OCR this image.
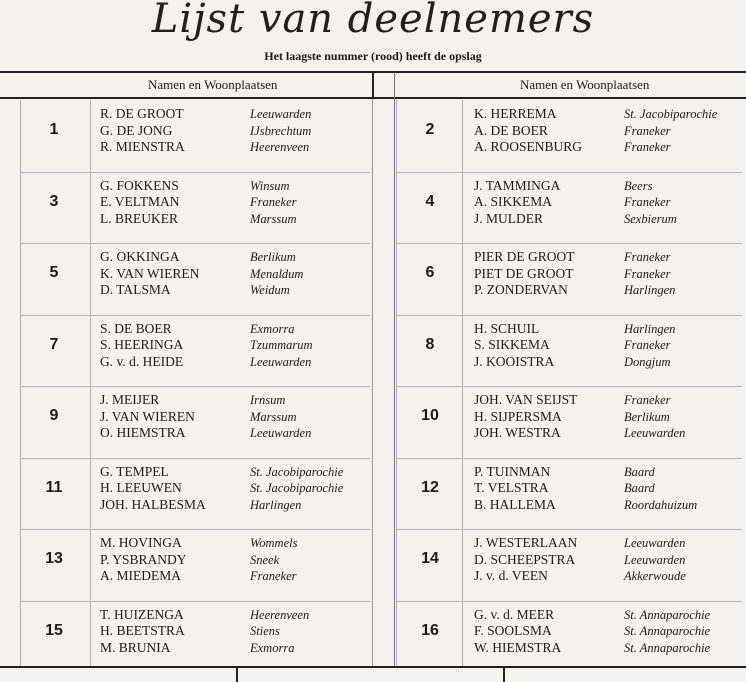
Lijst van deelnemers
Het laagste nummer (rood) heeft de opslag
Namen en Woonplaatsen	Namen en Woonplaatsen
1
R. DE GROOT	Leeuwarden
G. DE JONG	IJsbrechtum
R. MIENSTRA	Heerenveen
2
K. HERREMA	St. Jacobiparochie
A. DE BOER	Franeker
A. ROOSENBURG	Franeker
3
G. FOKKENS	Winsum
E. VELTMAN	Franeker
L. BREUKER	Marssum
4
J. TAMMINGA	Beers
A. SIKKEMA	Franeker
J. MULDER	Sexbierum
5
G. OKKINGA	Berlikum
K. VAN WIEREN	Menaldum
D. TALSMA	Weidum
6
PIER DE GROOT	Franeker
PIET DE GROOT	Franeker
P. ZONDERVAN	Harlingen
7
S. DE BOER	Exmorra
S. HEERINGA	Tzummarum
G. v. d. HEIDE	Leeuwarden
8
H. SCHUIL	Harlingen
S. SIKKEMA	Franeker
J. KOOISTRA	Dongjum
9
J. MEIJER	Irnsum
J. VAN WIEREN	Marssum
O. HIEMSTRA	Leeuwarden
10
JOH. VAN SEIJST	Franeker
H. SIJPERSMA	Berlikum
JOH. WESTRA	Leeuwarden
11
G. TEMPEL	St. Jacobiparochie
H. LEEUWEN	St. Jacobiparochie
JOH. HALBESMA	Harlingen
12
P. TUINMAN	Baard
T. VELSTRA	Baard
B. HALLEMA	Roordahuizum
13
M. HOVINGA	Wommels
P. YSBRANDY	Sneek
A. MIEDEMA	Franeker
14
J. WESTERLAAN	Leeuwarden
D. SCHEEPSTRA	Leeuwarden
J. v. d. VEEN	Akkerwoude
15
T. HUIZENGA	Heerenveen
H. BEETSTRA	Stiens
M. BRUNIA	Exmorra
16
G. v. d. MEER	St. Annaparochie
F. SOOLSMA	St. Annaparochie
W. HIEMSTRA	St. Annaparochie
